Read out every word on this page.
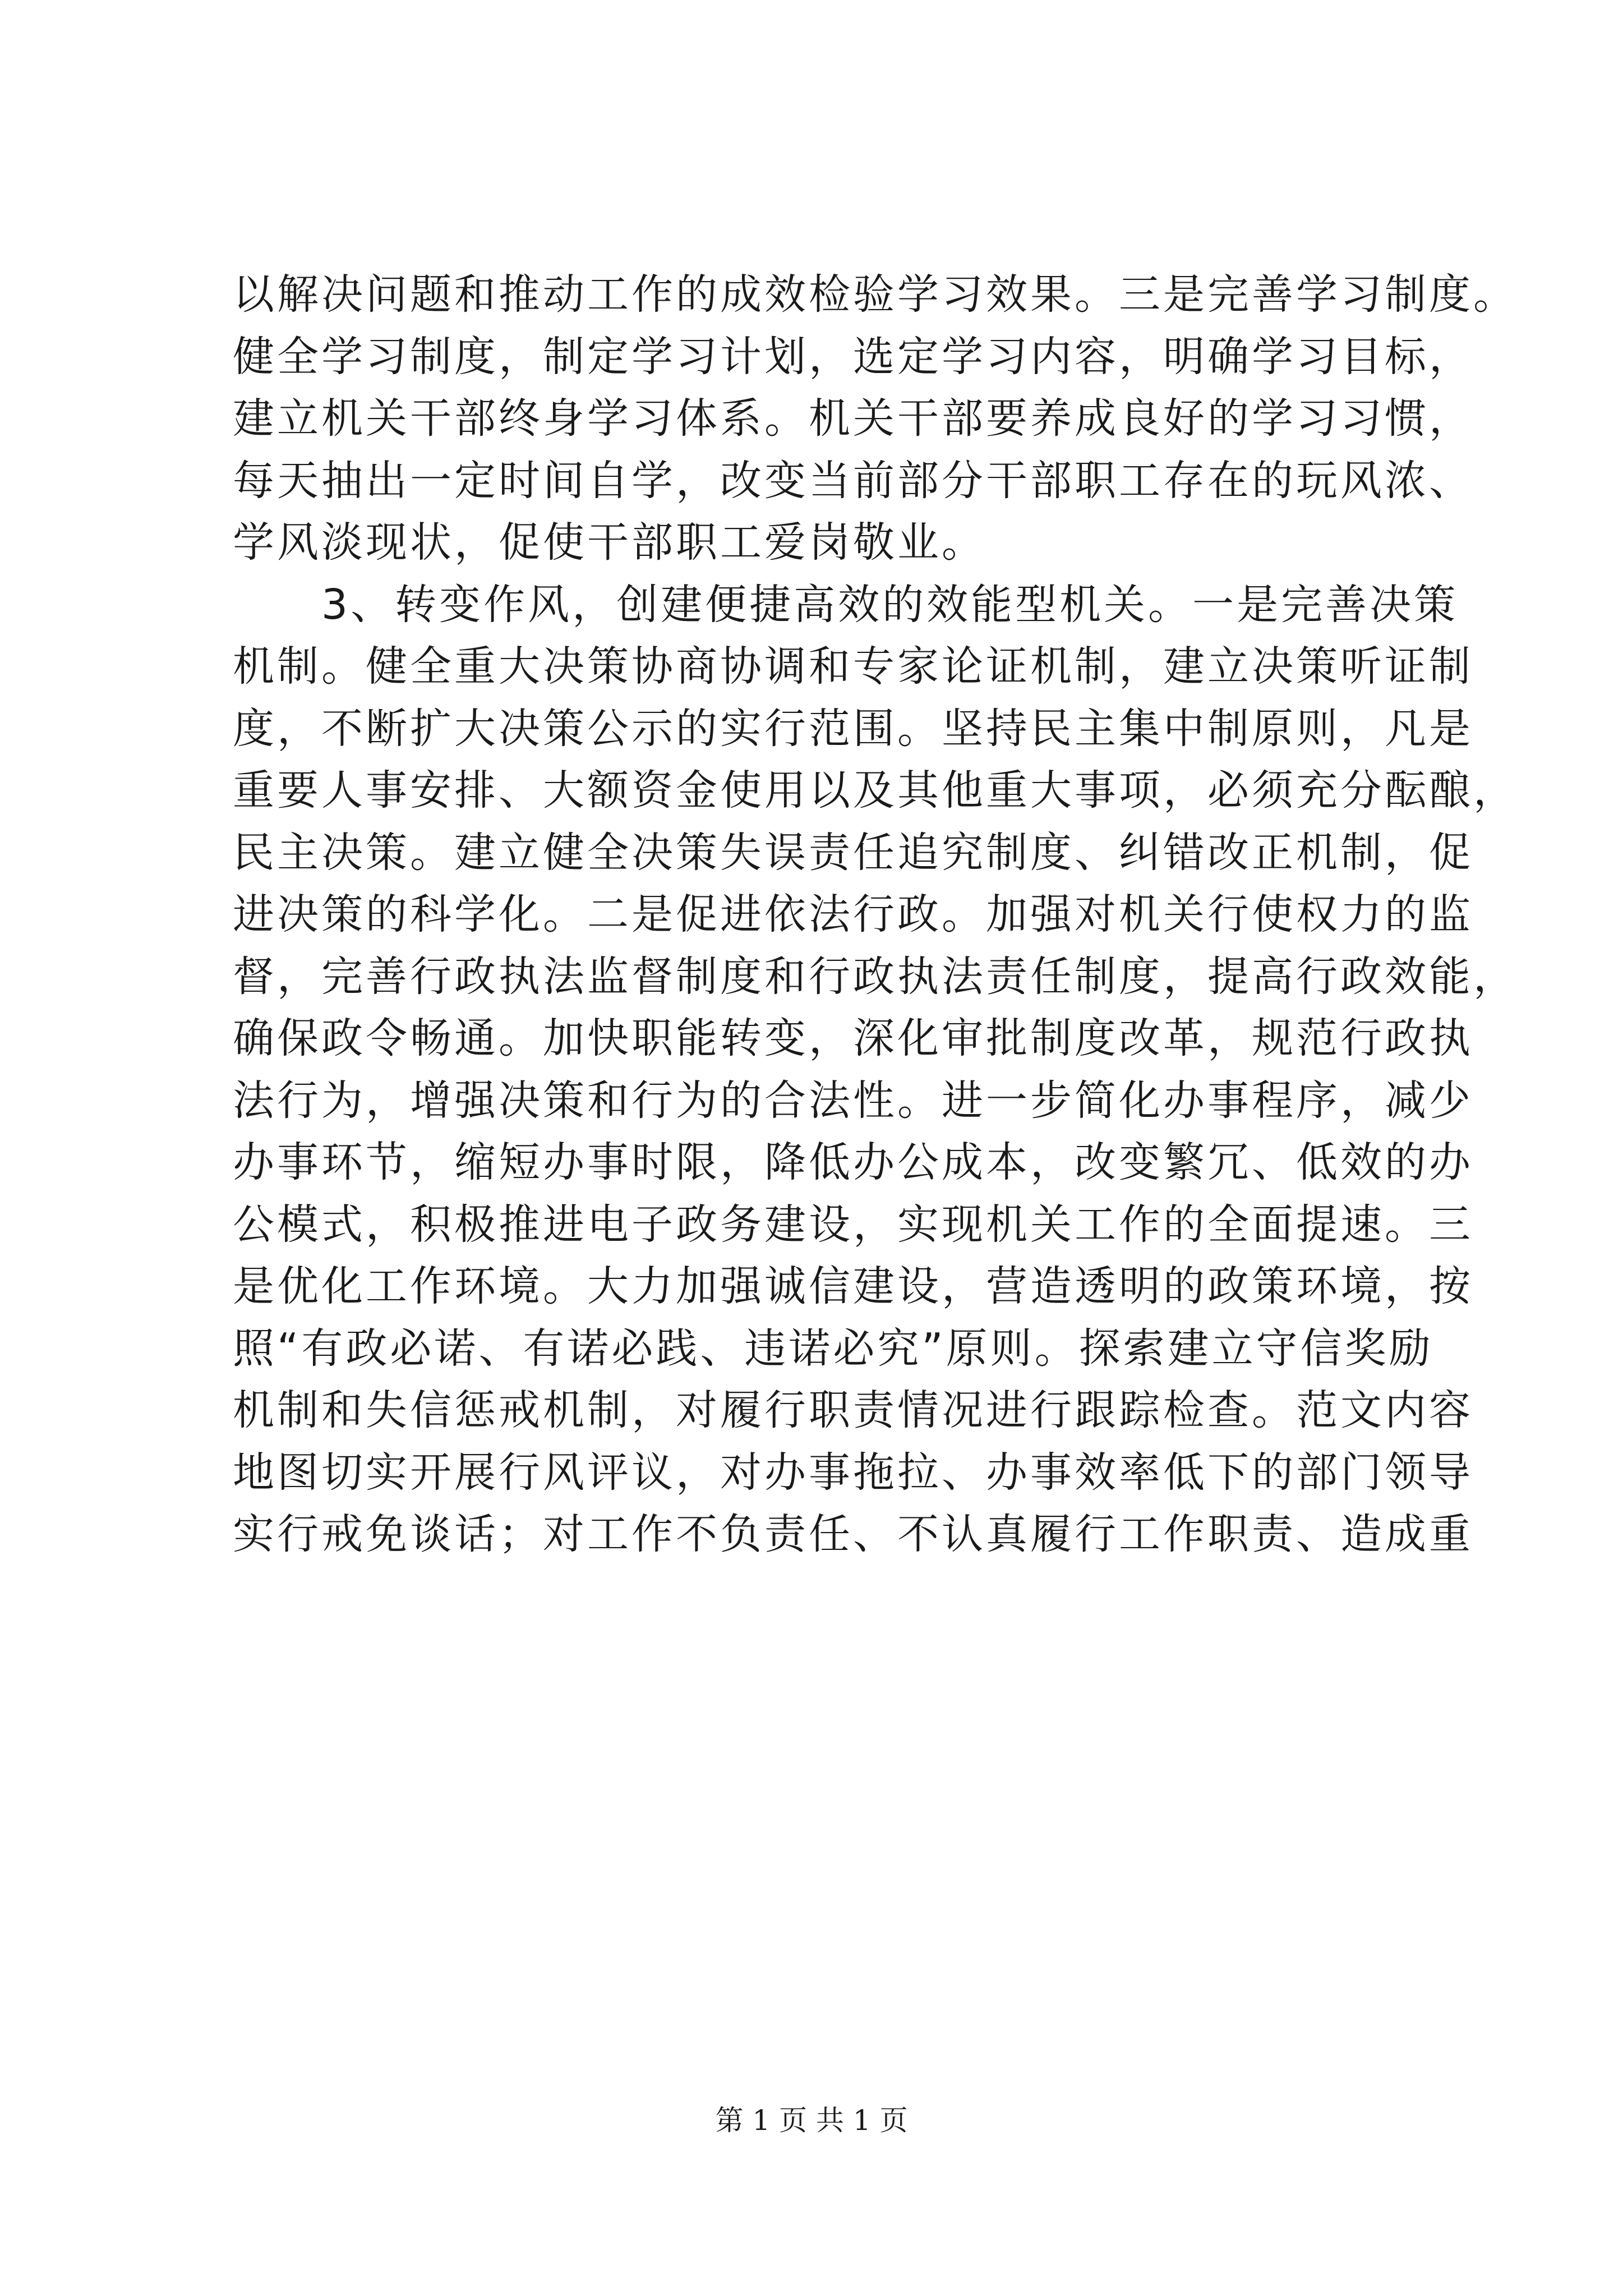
以解决问题和推动工作的成效检验学习效果。三是完善学习制度。
健全学习制度，制定学习计划，选定学习内容，明确学习目标，
建立机关干部终身学习体系。机关干部要养成良好的学习习惯，
每天抽出一定时间自学，改变当前部分干部职工存在的玩风浓、
学风淡现状，促使干部职工爱岗敬业。
　　3、转变作风，创建便捷高效的效能型机关。一是完善决策
机制。健全重大决策协商协调和专家论证机制，建立决策听证制
度，不断扩大决策公示的实行范围。坚持民主集中制原则，凡是
重要人事安排、大额资金使用以及其他重大事项，必须充分酝酿，
民主决策。建立健全决策失误责任追究制度、纠错改正机制，促
进决策的科学化。二是促进依法行政。加强对机关行使权力的监
督，完善行政执法监督制度和行政执法责任制度，提高行政效能，
确保政令畅通。加快职能转变，深化审批制度改革，规范行政执
法行为，增强决策和行为的合法性。进一步简化办事程序，减少
办事环节，缩短办事时限，降低办公成本，改变繁冗、低效的办
公模式，积极推进电子政务建设，实现机关工作的全面提速。三
是优化工作环境。大力加强诚信建设，营造透明的政策环境，按
照“有政必诺、有诺必践、违诺必究”原则。探索建立守信奖励
机制和失信惩戒机制，对履行职责情况进行跟踪检查。范文内容
地图切实开展行风评议，对办事拖拉、办事效率低下的部门领导
实行戒免谈话；对工作不负责任、不认真履行工作职责、造成重
第 1 页 共 1 页
